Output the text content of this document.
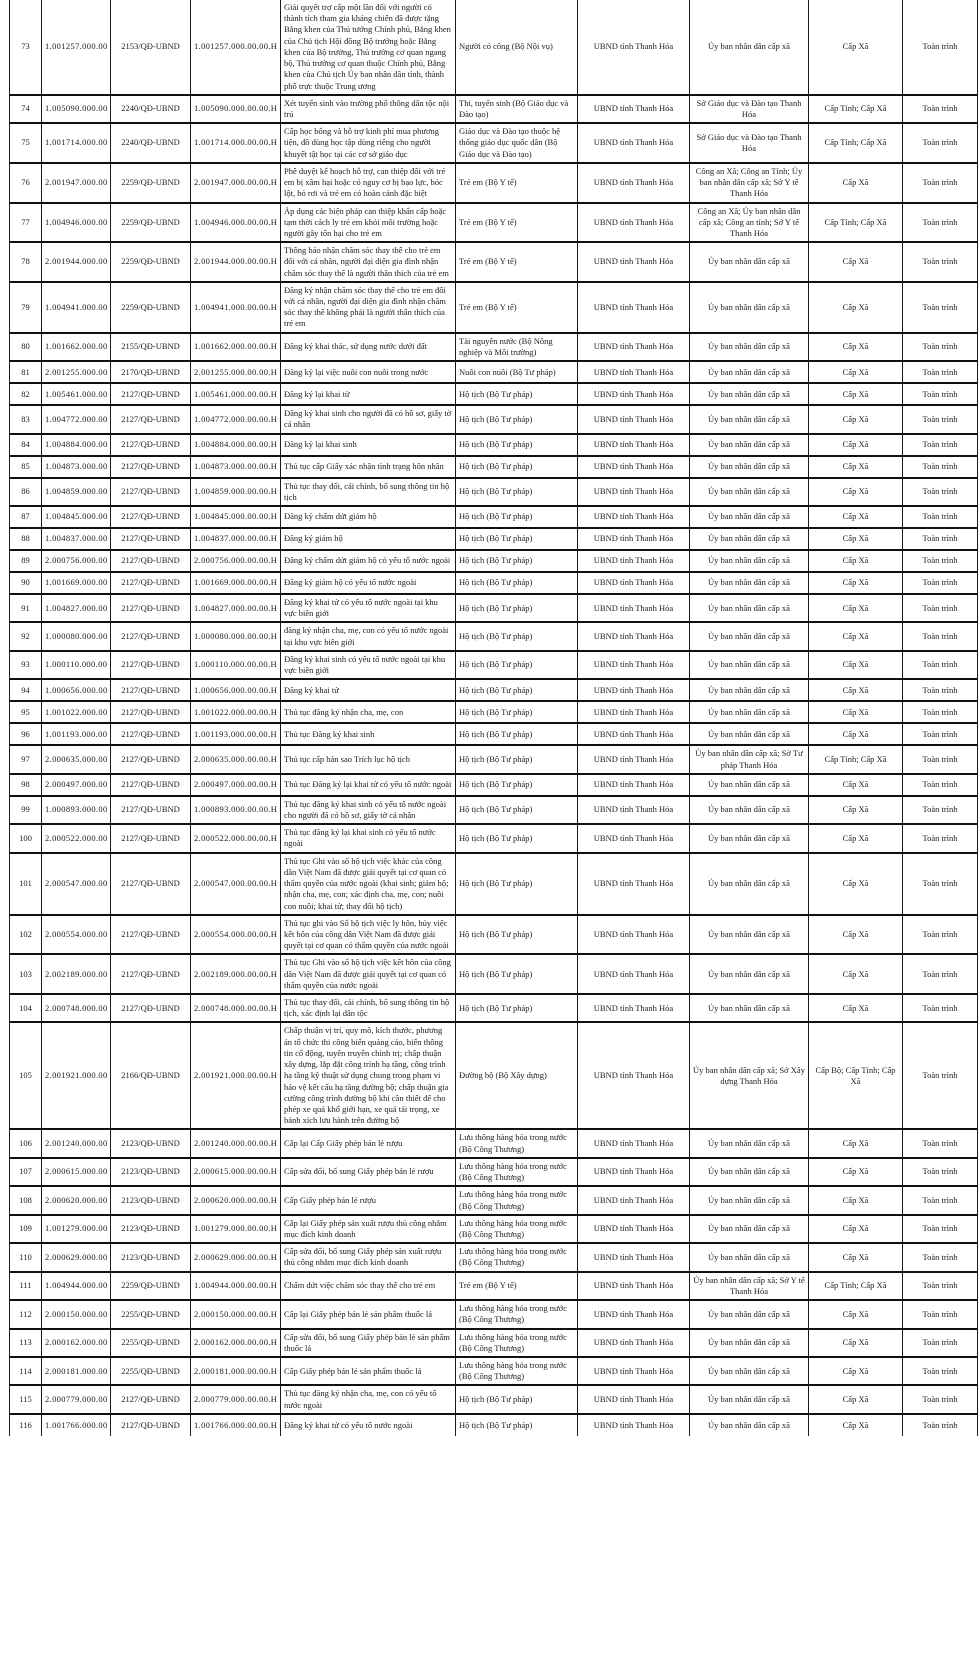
73	1.001257.000.00	2153/QĐ-UBND	1.001257.000.00.00.H	Giải quyết trợ cấp một lần đối với người có thành tích tham gia kháng chiến đã được tặng Bằng khen của Thủ tướng Chính phủ, Bằng khen của Chủ tịch Hội đồng Bộ trưởng hoặc Bằng khen của Bộ trưởng, Thủ trưởng cơ quan ngang bộ, Thủ trưởng cơ quan thuộc Chính phủ, Bằng khen của Chủ tịch Ủy ban nhân dân tỉnh, thành phố trực thuộc Trung ương	Người có công (Bộ Nội vụ)	UBND tỉnh Thanh Hóa	Ủy ban nhân dân cấp xã	Cấp Xã	Toàn trình
74	1.005090.000.00	2240/QĐ-UBND	1.005090.000.00.00.H	Xét tuyển sinh vào trường phổ thông dân tộc nội trú	Thi, tuyển sinh (Bộ Giáo dục và Đào tạo)	UBND tỉnh Thanh Hóa	Sở Giáo dục và Đào tạo Thanh Hóa	Cấp Tỉnh; Cấp Xã	Toàn trình
75	1.001714.000.00	2240/QĐ-UBND	1.001714.000.00.00.H	Cấp học bổng và hỗ trợ kinh phí mua phương tiện, đồ dùng học tập dùng riêng cho người khuyết tật học tại các cơ sở giáo dục	Giáo dục và Đào tạo thuộc hệ thống giáo dục quốc dân (Bộ Giáo dục và Đào tạo)	UBND tỉnh Thanh Hóa	Sở Giáo dục và Đào tạo Thanh Hóa	Cấp Tỉnh; Cấp Xã	Toàn trình
76	2.001947.000.00	2259/QĐ-UBND	2.001947.000.00.00.H	Phê duyệt kế hoạch hỗ trợ, can thiệp đối với trẻ em bị xâm hại hoặc có nguy cơ bị bạo lực, bóc lột, bỏ rơi và trẻ em có hoàn cảnh đặc biệt	Trẻ em (Bộ Y tế)	UBND tỉnh Thanh Hóa	Công an Xã; Công an Tỉnh; Ủy ban nhân dân cấp xã; Sở Y tế Thanh Hóa	Cấp Xã	Toàn trình
77	1.004946.000.00	2259/QĐ-UBND	1.004946.000.00.00.H	Áp dụng các biện pháp can thiệp khẩn cấp hoặc tạm thời cách ly trẻ em khỏi môi trường hoặc người gây tổn hại cho trẻ em	Trẻ em (Bộ Y tế)	UBND tỉnh Thanh Hóa	Công an Xã; Ủy ban nhân dân cấp xã; Công an tỉnh; Sở Y tế Thanh Hóa	Cấp Tỉnh; Cấp Xã	Toàn trình
78	2.001944.000.00	2259/QĐ-UBND	2.001944.000.00.00.H	Thông báo nhận chăm sóc thay thế cho trẻ em đối với cá nhân, người đại diện gia đình nhận chăm sóc thay thế là người thân thích của trẻ em	Trẻ em (Bộ Y tế)	UBND tỉnh Thanh Hóa	Ủy ban nhân dân cấp xã	Cấp Xã	Toàn trình
79	1.004941.000.00	2259/QĐ-UBND	1.004941.000.00.00.H	Đăng ký nhận chăm sóc thay thế cho trẻ em đối với cá nhân, người đại diện gia đình nhận chăm sóc thay thế không phải là người thân thích của trẻ em	Trẻ em (Bộ Y tế)	UBND tỉnh Thanh Hóa	Ủy ban nhân dân cấp xã	Cấp Xã	Toàn trình
80	1.001662.000.00	2155/QĐ-UBND	1.001662.000.00.00.H	Đăng ký khai thác, sử dụng nước dưới đất	Tài nguyên nước (Bộ Nông nghiệp và Môi trường)	UBND tỉnh Thanh Hóa	Ủy ban nhân dân cấp xã	Cấp Xã	Toàn trình
81	2.001255.000.00	2170/QĐ-UBND	2.001255.000.00.00.H	Đăng ký lại việc nuôi con nuôi trong nước	Nuôi con nuôi (Bộ Tư pháp)	UBND tỉnh Thanh Hóa	Ủy ban nhân dân cấp xã	Cấp Xã	Toàn trình
82	1.005461.000.00	2127/QĐ-UBND	1.005461.000.00.00.H	Đăng ký lại khai tử	Hộ tịch (Bộ Tư pháp)	UBND tỉnh Thanh Hóa	Ủy ban nhân dân cấp xã	Cấp Xã	Toàn trình
83	1.004772.000.00	2127/QĐ-UBND	1.004772.000.00.00.H	Đăng ký khai sinh cho người đã có hồ sơ, giấy tờ cá nhân	Hộ tịch (Bộ Tư pháp)	UBND tỉnh Thanh Hóa	Ủy ban nhân dân cấp xã	Cấp Xã	Toàn trình
84	1.004884.000.00	2127/QĐ-UBND	1.004884.000.00.00.H	Đăng ký lại khai sinh	Hộ tịch (Bộ Tư pháp)	UBND tỉnh Thanh Hóa	Ủy ban nhân dân cấp xã	Cấp Xã	Toàn trình
85	1.004873.000.00	2127/QĐ-UBND	1.004873.000.00.00.H	Thủ tục cấp Giấy xác nhận tình trạng hôn nhân	Hộ tịch (Bộ Tư pháp)	UBND tỉnh Thanh Hóa	Ủy ban nhân dân cấp xã	Cấp Xã	Toàn trình
86	1.004859.000.00	2127/QĐ-UBND	1.004859.000.00.00.H	Thủ tục thay đổi, cải chính, bổ sung thông tin hộ tịch	Hộ tịch (Bộ Tư pháp)	UBND tỉnh Thanh Hóa	Ủy ban nhân dân cấp xã	Cấp Xã	Toàn trình
87	1.004845.000.00	2127/QĐ-UBND	1.004845.000.00.00.H	Đăng ký chấm dứt giám hộ	Hộ tịch (Bộ Tư pháp)	UBND tỉnh Thanh Hóa	Ủy ban nhân dân cấp xã	Cấp Xã	Toàn trình
88	1.004837.000.00	2127/QĐ-UBND	1.004837.000.00.00.H	Đăng ký giám hộ	Hộ tịch (Bộ Tư pháp)	UBND tỉnh Thanh Hóa	Ủy ban nhân dân cấp xã	Cấp Xã	Toàn trình
89	2.000756.000.00	2127/QĐ-UBND	2.000756.000.00.00.H	Đăng ký chấm dứt giám hộ có yếu tố nước ngoài	Hộ tịch (Bộ Tư pháp)	UBND tỉnh Thanh Hóa	Ủy ban nhân dân cấp xã	Cấp Xã	Toàn trình
90	1.001669.000.00	2127/QĐ-UBND	1.001669.000.00.00.H	Đăng ký giám hộ có yếu tố nước ngoài	Hộ tịch (Bộ Tư pháp)	UBND tỉnh Thanh Hóa	Ủy ban nhân dân cấp xã	Cấp Xã	Toàn trình
91	1.004827.000.00	2127/QĐ-UBND	1.004827.000.00.00.H	Đăng ký khai tử có yếu tố nước ngoài tại khu vực biên giới	Hộ tịch (Bộ Tư pháp)	UBND tỉnh Thanh Hóa	Ủy ban nhân dân cấp xã	Cấp Xã	Toàn trình
92	1.000080.000.00	2127/QĐ-UBND	1.000080.000.00.00.H	đăng ký nhận cha, mẹ, con có yếu tố nước ngoài tại khu vực biên giới	Hộ tịch (Bộ Tư pháp)	UBND tỉnh Thanh Hóa	Ủy ban nhân dân cấp xã	Cấp Xã	Toàn trình
93	1.000110.000.00	2127/QĐ-UBND	1.000110.000.00.00.H	Đăng ký khai sinh có yếu tố nước ngoài tại khu vực biên giới	Hộ tịch (Bộ Tư pháp)	UBND tỉnh Thanh Hóa	Ủy ban nhân dân cấp xã	Cấp Xã	Toàn trình
94	1.000656.000.00	2127/QĐ-UBND	1.000656.000.00.00.H	Đăng ký khai tử	Hộ tịch (Bộ Tư pháp)	UBND tỉnh Thanh Hóa	Ủy ban nhân dân cấp xã	Cấp Xã	Toàn trình
95	1.001022.000.00	2127/QĐ-UBND	1.001022.000.00.00.H	Thủ tục đăng ký nhận cha, mẹ, con	Hộ tịch (Bộ Tư pháp)	UBND tỉnh Thanh Hóa	Ủy ban nhân dân cấp xã	Cấp Xã	Toàn trình
96	1.001193.000.00	2127/QĐ-UBND	1.001193.000.00.00.H	Thủ tục Đăng ký khai sinh	Hộ tịch (Bộ Tư pháp)	UBND tỉnh Thanh Hóa	Ủy ban nhân dân cấp xã	Cấp Xã	Toàn trình
97	2.000635.000.00	2127/QĐ-UBND	2.000635.000.00.00.H	Thủ tục cấp bản sao Trích lục hộ tịch	Hộ tịch (Bộ Tư pháp)	UBND tỉnh Thanh Hóa	Ủy ban nhân dân cấp xã; Sở Tư pháp Thanh Hóa	Cấp Tỉnh; Cấp Xã	Toàn trình
98	2.000497.000.00	2127/QĐ-UBND	2.000497.000.00.00.H	Thủ tục Đăng ký lại khai tử có yếu tố nước ngoài	Hộ tịch (Bộ Tư pháp)	UBND tỉnh Thanh Hóa	Ủy ban nhân dân cấp xã	Cấp Xã	Toàn trình
99	1.000893.000.00	2127/QĐ-UBND	1.000893.000.00.00.H	Thủ tục đăng ký khai sinh có yếu tố nước ngoài cho người đã có hồ sơ, giấy tờ cá nhân	Hộ tịch (Bộ Tư pháp)	UBND tỉnh Thanh Hóa	Ủy ban nhân dân cấp xã	Cấp Xã	Toàn trình
100	2.000522.000.00	2127/QĐ-UBND	2.000522.000.00.00.H	Thủ tục đăng ký lại khai sinh có yếu tố nước ngoài	Hộ tịch (Bộ Tư pháp)	UBND tỉnh Thanh Hóa	Ủy ban nhân dân cấp xã	Cấp Xã	Toàn trình
101	2.000547.000.00	2127/QĐ-UBND	2.000547.000.00.00.H	Thủ tục Ghi vào sổ hộ tịch việc khác của công dân Việt Nam đã được giải quyết tại cơ quan có thẩm quyền của nước ngoài (khai sinh; giám hộ; nhận cha, mẹ, con; xác định cha, mẹ, con; nuôi con nuôi; khai tử; thay đổi hộ tịch)	Hộ tịch (Bộ Tư pháp)	UBND tỉnh Thanh Hóa	Ủy ban nhân dân cấp xã	Cấp Xã	Toàn trình
102	2.000554.000.00	2127/QĐ-UBND	2.000554.000.00.00.H	Thủ tục ghi vào Sổ hộ tịch việc ly hôn, hủy việc kết hôn của công dân Việt Nam đã được giải quyết tại cơ quan có thẩm quyền của nước ngoài	Hộ tịch (Bộ Tư pháp)	UBND tỉnh Thanh Hóa	Ủy ban nhân dân cấp xã	Cấp Xã	Toàn trình
103	2.002189.000.00	2127/QĐ-UBND	2.002189.000.00.00.H	Thủ tục Ghi vào sổ hộ tịch việc kết hôn của công dân Việt Nam đã được giải quyết tại cơ quan có thẩm quyền của nước ngoài	Hộ tịch (Bộ Tư pháp)	UBND tỉnh Thanh Hóa	Ủy ban nhân dân cấp xã	Cấp Xã	Toàn trình
104	2.000748.000.00	2127/QĐ-UBND	2.000748.000.00.00.H	Thủ tục thay đổi, cải chính, bổ sung thông tin hộ tịch, xác định lại dân tộc	Hộ tịch (Bộ Tư pháp)	UBND tỉnh Thanh Hóa	Ủy ban nhân dân cấp xã	Cấp Xã	Toàn trình
105	2.001921.000.00	2166/QĐ-UBND	2.001921.000.00.00.H	Chấp thuận vị trí, quy mô, kích thước, phương án tổ chức thi công biển quảng cáo, biển thông tin cổ động, tuyên truyền chính trị; chấp thuận xây dựng, lắp đặt công trình hạ tầng, công trình hạ tầng kỹ thuật sử dụng chung trong phạm vi bảo vệ kết cấu hạ tầng đường bộ; chấp thuận gia cường công trình đường bộ khi cần thiết để cho phép xe quá khổ giới hạn, xe quá tải trọng, xe bánh xích lưu hành trên đường bộ	Đường bộ (Bộ Xây dựng)	UBND tỉnh Thanh Hóa	Ủy ban nhân dân cấp xã; Sở Xây dựng Thanh Hóa	Cấp Bộ; Cấp Tỉnh; Cấp Xã	Toàn trình
106	2.001240.000.00	2123/QĐ-UBND	2.001240.000.00.00.H	Cấp lại Cấp Giấy phép bán lẻ rượu	Lưu thông hàng hóa trong nước (Bộ Công Thương)	UBND tỉnh Thanh Hóa	Ủy ban nhân dân cấp xã	Cấp Xã	Toàn trình
107	2.000615.000.00	2123/QĐ-UBND	2.000615.000.00.00.H	Cấp sửa đổi, bổ sung Giấy phép bán lẻ rượu	Lưu thông hàng hóa trong nước (Bộ Công Thương)	UBND tỉnh Thanh Hóa	Ủy ban nhân dân cấp xã	Cấp Xã	Toàn trình
108	2.000620.000.00	2123/QĐ-UBND	2.000620.000.00.00.H	Cấp Giấy phép bán lẻ rượu	Lưu thông hàng hóa trong nước (Bộ Công Thương)	UBND tỉnh Thanh Hóa	Ủy ban nhân dân cấp xã	Cấp Xã	Toàn trình
109	1.001279.000.00	2123/QĐ-UBND	1.001279.000.00.00.H	Cấp lại Giấy phép sản xuất rượu thủ công nhằm mục đích kinh doanh	Lưu thông hàng hóa trong nước (Bộ Công Thương)	UBND tỉnh Thanh Hóa	Ủy ban nhân dân cấp xã	Cấp Xã	Toàn trình
110	2.000629.000.00	2123/QĐ-UBND	2.000629.000.00.00.H	Cấp sửa đổi, bổ sung Giấy phép sản xuất rượu thủ công nhằm mục đích kinh doanh	Lưu thông hàng hóa trong nước (Bộ Công Thương)	UBND tỉnh Thanh Hóa	Ủy ban nhân dân cấp xã	Cấp Xã	Toàn trình
111	1.004944.000.00	2259/QĐ-UBND	1.004944.000.00.00.H	Chấm dứt việc chăm sóc thay thế cho trẻ em	Trẻ em (Bộ Y tế)	UBND tỉnh Thanh Hóa	Ủy ban nhân dân cấp xã; Sở Y tế Thanh Hóa	Cấp Tỉnh; Cấp Xã	Toàn trình
112	2.000150.000.00	2255/QĐ-UBND	2.000150.000.00.00.H	Cấp lại Giấy phép bán lẻ sản phẩm thuốc lá	Lưu thông hàng hóa trong nước (Bộ Công Thương)	UBND tỉnh Thanh Hóa	Ủy ban nhân dân cấp xã	Cấp Xã	Toàn trình
113	2.000162.000.00	2255/QĐ-UBND	2.000162.000.00.00.H	Cấp sửa đổi, bổ sung Giấy phép bán lẻ sản phẩm thuốc lá	Lưu thông hàng hóa trong nước (Bộ Công Thương)	UBND tỉnh Thanh Hóa	Ủy ban nhân dân cấp xã	Cấp Xã	Toàn trình
114	2.000181.000.00	2255/QĐ-UBND	2.000181.000.00.00.H	Cấp Giấy phép bán lẻ sản phẩm thuốc lá	Lưu thông hàng hóa trong nước (Bộ Công Thương)	UBND tỉnh Thanh Hóa	Ủy ban nhân dân cấp xã	Cấp Xã	Toàn trình
115	2.000779.000.00	2127/QĐ-UBND	2.000779.000.00.00.H	Thủ tục đăng ký nhận cha, mẹ, con có yếu tố nước ngoài	Hộ tịch (Bộ Tư pháp)	UBND tỉnh Thanh Hóa	Ủy ban nhân dân cấp xã	Cấp Xã	Toàn trình
116	1.001766.000.00	2127/QĐ-UBND	1.001766.000.00.00.H	Đăng ký khai tử có yếu tố nước ngoài	Hộ tịch (Bộ Tư pháp)	UBND tỉnh Thanh Hóa	Ủy ban nhân dân cấp xã	Cấp Xã	Toàn trình
